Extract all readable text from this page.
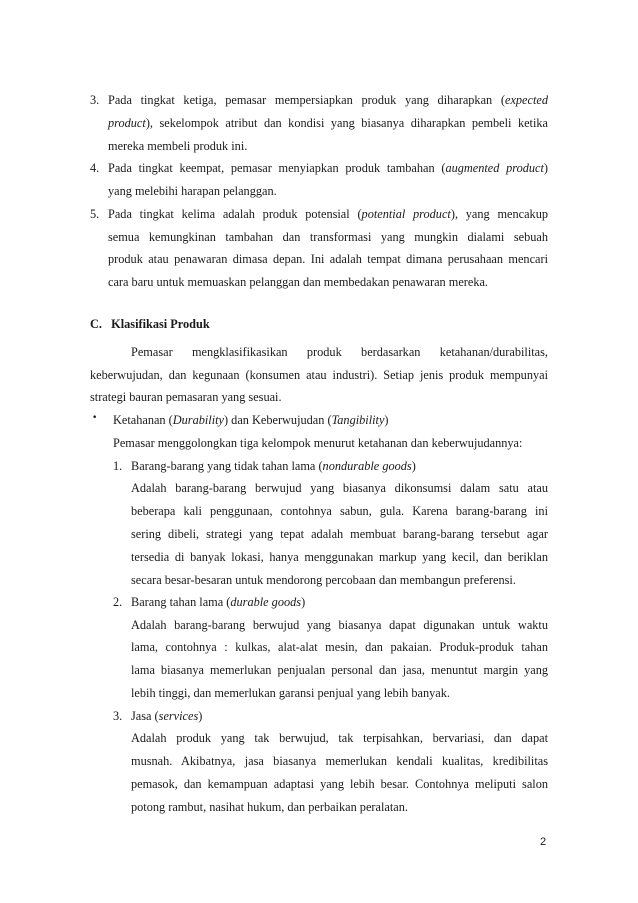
3. Pada tingkat ketiga, pemasar mempersiapkan produk yang diharapkan (expected
product), sekelompok atribut dan kondisi yang biasanya diharapkan pembeli ketika
mereka membeli produk ini.
4. Pada tingkat keempat, pemasar menyiapkan produk tambahan (augmented product)
yang melebihi harapan pelanggan.
5. Pada tingkat kelima adalah produk potensial (potential product), yang mencakup
semua kemungkinan tambahan dan transformasi yang mungkin dialami sebuah
produk atau penawaran dimasa depan. Ini adalah tempat dimana perusahaan mencari
cara baru untuk memuaskan pelanggan dan membedakan penawaran mereka.
C.   Klasifikasi Produk
Pemasar mengklasifikasikan produk berdasarkan ketahanan/durabilitas,
keberwujudan, dan kegunaan (konsumen atau industri). Setiap jenis produk mempunyai
strategi bauran pemasaran yang sesuai.
• Ketahanan (Durability) dan Keberwujudan (Tangibility)
Pemasar menggolongkan tiga kelompok menurut ketahanan dan keberwujudannya:
1. Barang-barang yang tidak tahan lama (nondurable goods)
Adalah barang-barang berwujud yang biasanya dikonsumsi dalam satu atau
beberapa kali penggunaan, contohnya sabun, gula. Karena barang-barang ini
sering dibeli, strategi yang tepat adalah membuat barang-barang tersebut agar
tersedia di banyak lokasi, hanya menggunakan markup yang kecil, dan beriklan
secara besar-besaran untuk mendorong percobaan dan membangun preferensi.
2. Barang tahan lama (durable goods)
Adalah barang-barang berwujud yang biasanya dapat digunakan untuk waktu
lama, contohnya : kulkas, alat-alat mesin, dan pakaian. Produk-produk tahan
lama biasanya memerlukan penjualan personal dan jasa, menuntut margin yang
lebih tinggi, dan memerlukan garansi penjual yang lebih banyak.
3. Jasa (services)
Adalah produk yang tak berwujud, tak terpisahkan, bervariasi, dan dapat
musnah. Akibatnya, jasa biasanya memerlukan kendali kualitas, kredibilitas
pemasok, dan kemampuan adaptasi yang lebih besar. Contohnya meliputi salon
potong rambut, nasihat hukum, dan perbaikan peralatan.
2
